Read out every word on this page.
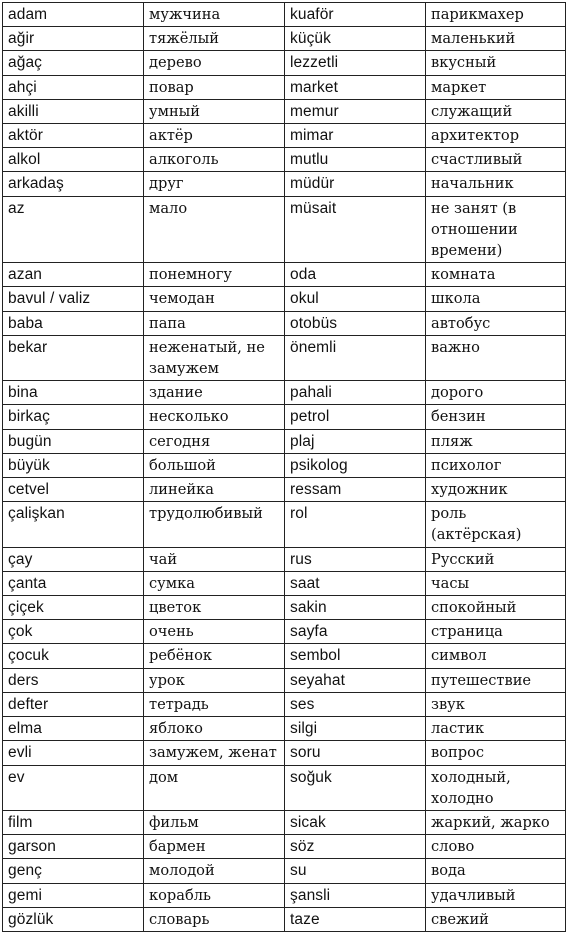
adam	мужчина	kuaför	парикмахер
ağir	тяжёлый	küçük	маленький
ağaç	дерево	lezzetli	вкусный
ahçi	повар	market	маркет
akilli	умный	memur	служащий
aktör	актёр	mimar	архитектор
alkol	алкоголь	mutlu	счастливый
arkadaş	друг	müdür	начальник
az	мало	müsait	не занят (в отношении времени)
azan	понемногу	oda	комната
bavul / valiz	чемодан	okul	школа
baba	папа	otobüs	автобус
bekar	неженатый, не замужем	önemli	важно
bina	здание	pahali	дорого
birkaç	несколько	petrol	бензин
bugün	сегодня	plaj	пляж
büyük	большой	psikolog	психолог
cetvel	линейка	ressam	художник
çalişkan	трудолюбивый	rol	роль (актёрская)
çay	чай	rus	Русский
çanta	сумка	saat	часы
çiçek	цветок	sakin	спокойный
çok	очень	sayfa	страница
çocuk	ребёнок	sembol	символ
ders	урок	seyahat	путешествие
defter	тетрадь	ses	звук
elma	яблоко	silgi	ластик
evli	замужем, женат	soru	вопрос
ev	дом	soğuk	холодный, холодно
film	фильм	sicak	жаркий, жарко
garson	бармен	söz	слово
genç	молодой	su	вода
gemi	корабль	şansli	удачливый
gözlük	словарь	taze	свежий
